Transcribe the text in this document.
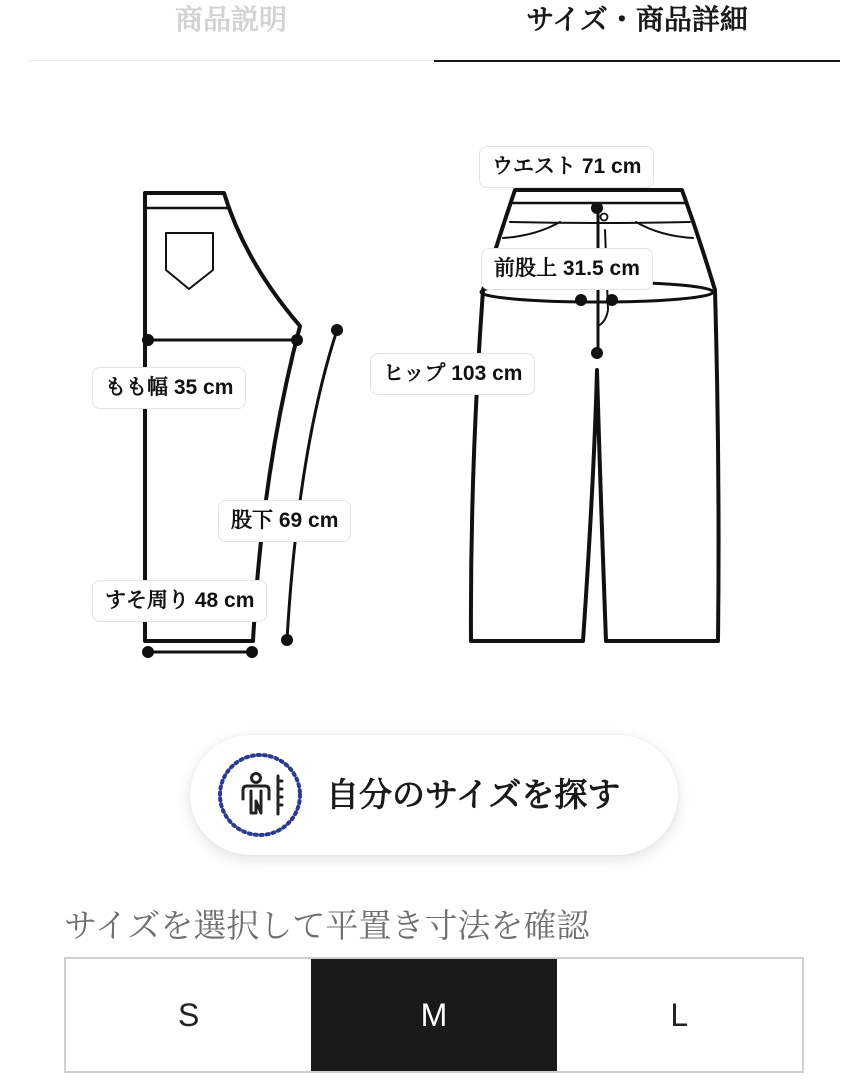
商品説明	サイズ・商品詳細
もも幅 35 cm
股下 69 cm
すそ周り 48 cm
ウエスト 71 cm
前股上 31.5 cm
ヒップ 103 cm
自分のサイズを探す
サイズを選択して平置き寸法を確認
S	M	L
